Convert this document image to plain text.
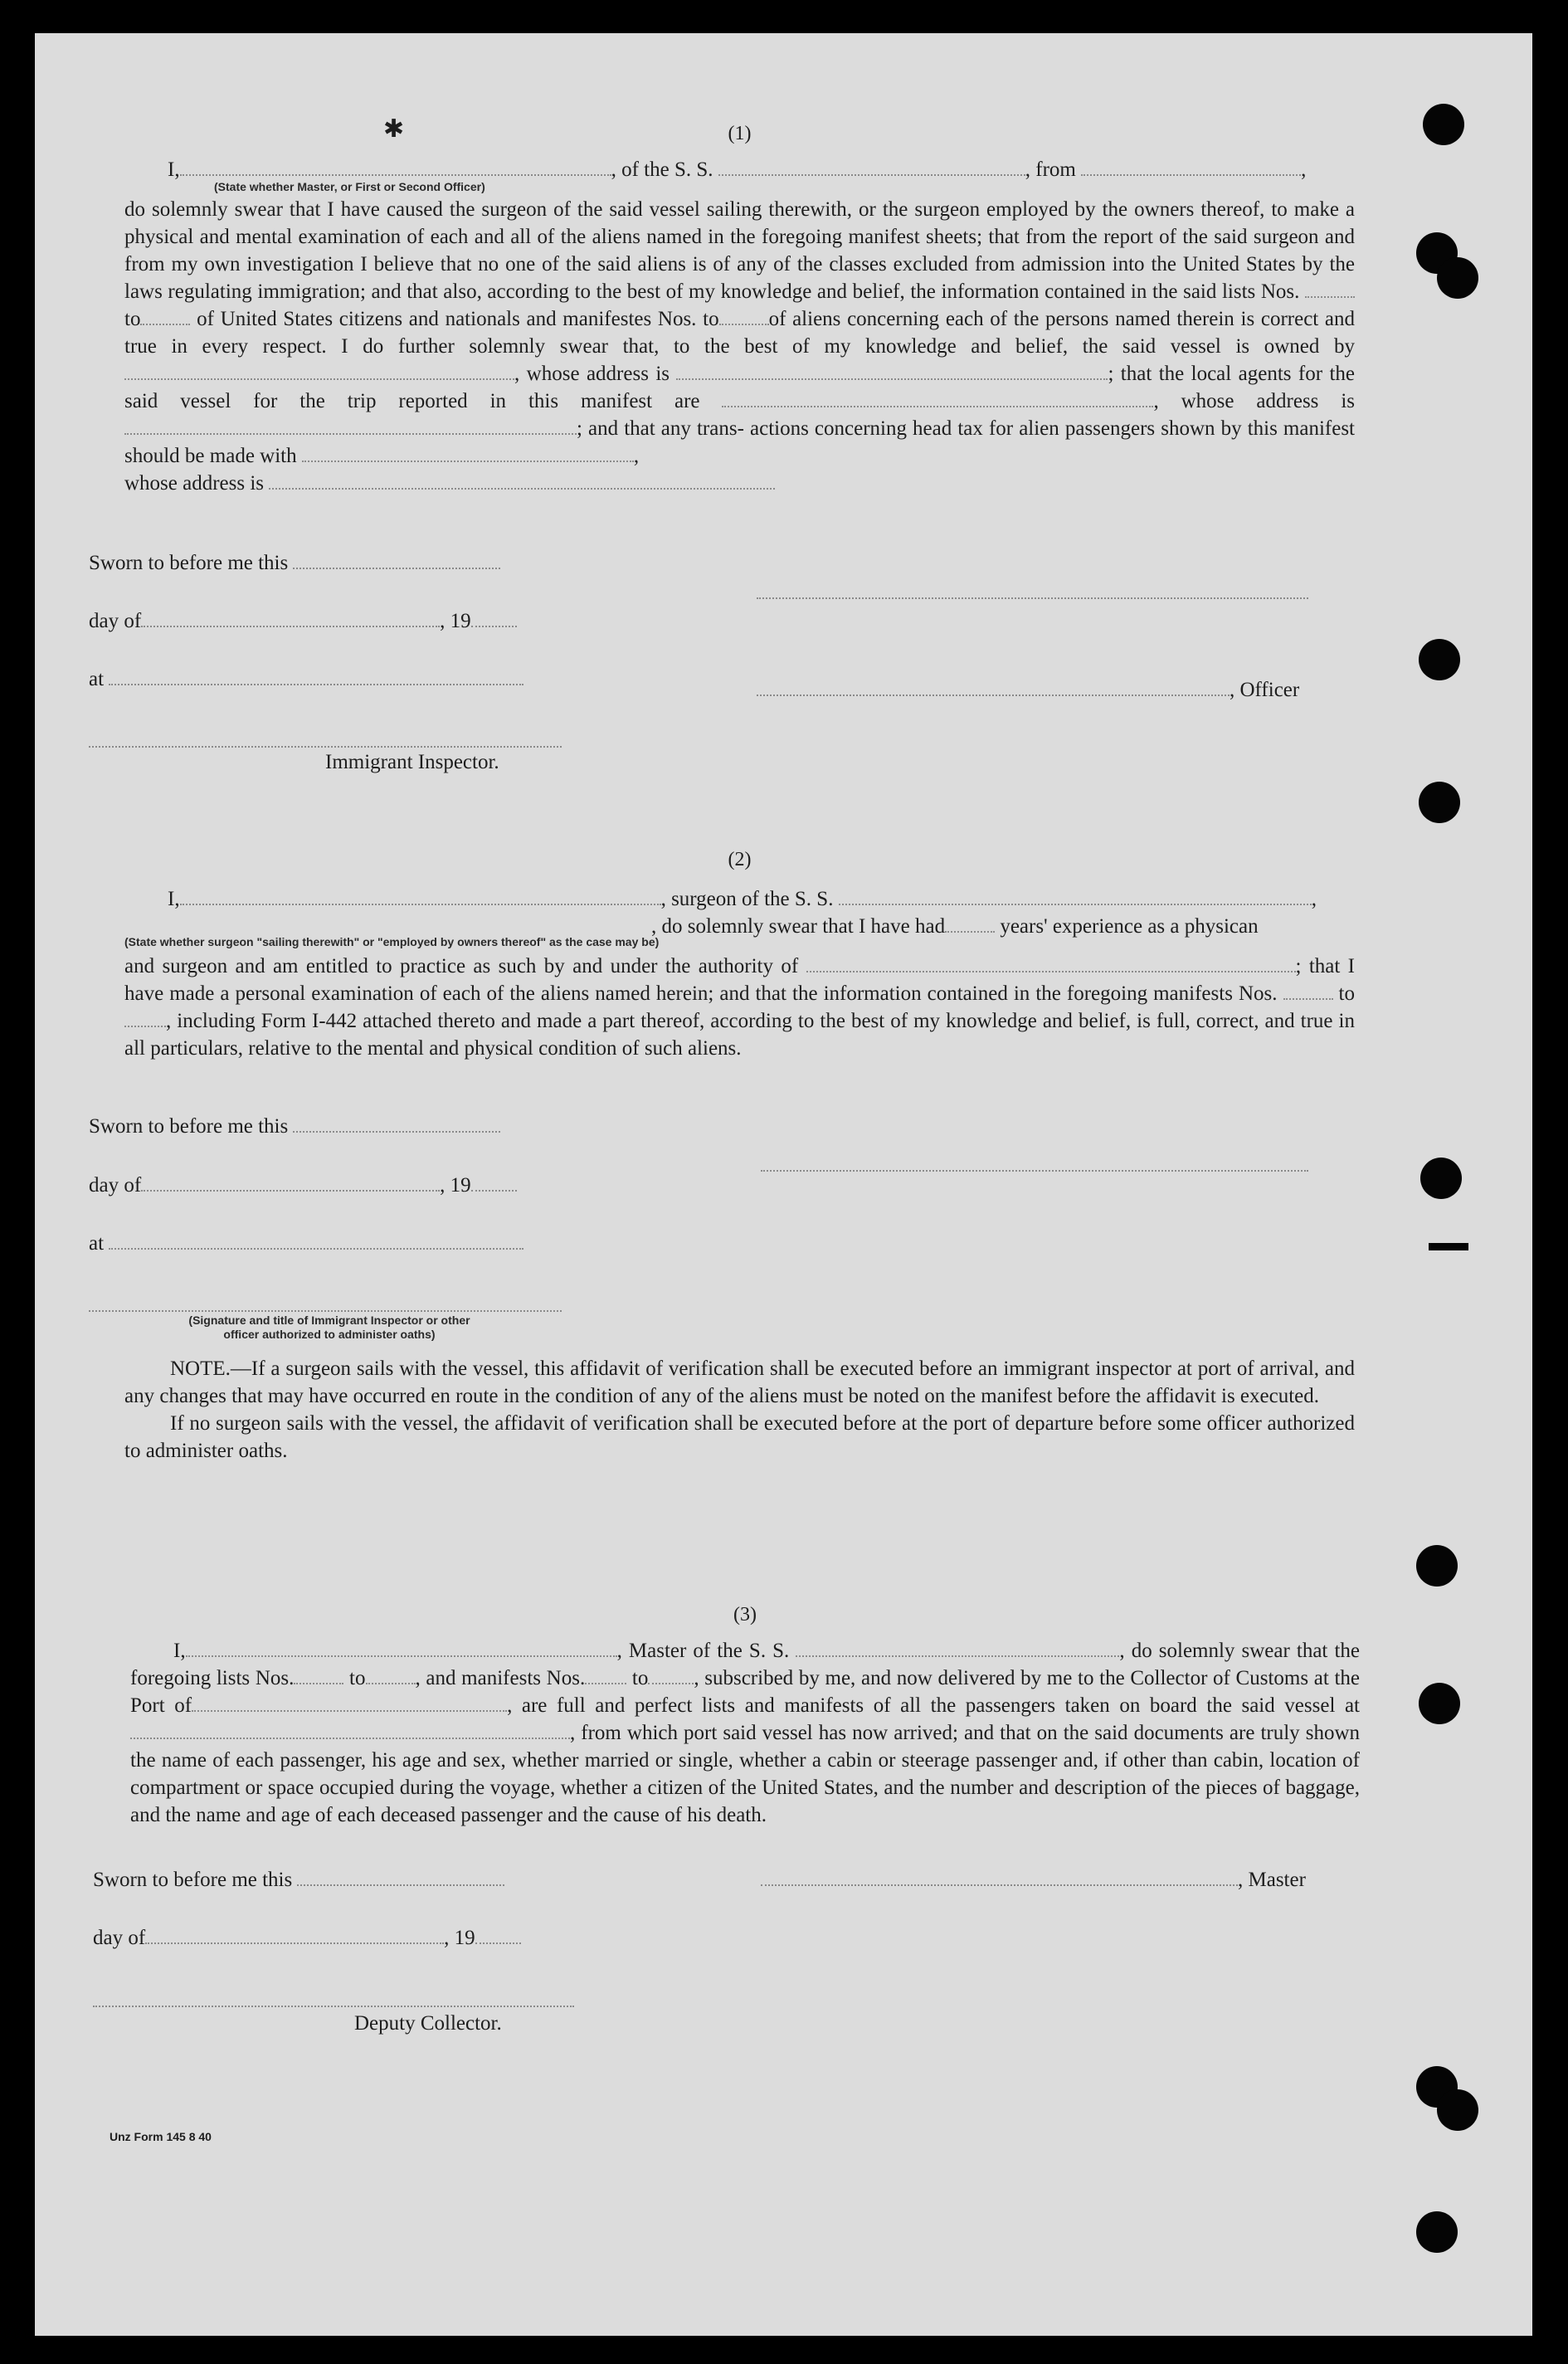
✱	(1)
I,	, of the S. S.	, from	,
(State whether Master, or First or Second Officer)

do solemnly swear that I have caused the surgeon of the said vessel sailing therewith, or the surgeon employed by the owners thereof, to make a physical and mental examination of each and all of the aliens named in the foregoing manifest sheets; that from the report of the said surgeon and from my own investigation I believe that no one of the said aliens is of any of the classes excluded from admission into the United States by the laws regulating immigration; and that also, according to the best of my knowledge and belief, the information contained in the said lists Nos.  to	of United States citizens and nationals and manifestes Nos. to of aliens concerning each of the persons named therein is correct and true in every respect. I do further solemnly swear that, to the best of my knowledge and belief, the said vessel is owned by , whose address is	; that the local agents for the said vessel for the trip reported in this manifest are	, whose address is ; and that any trans- actions concerning head tax for alien passengers shown by this manifest should be made with	,

whose address is

Sworn to before me this
day of	, 19
at	, Officer
Immigrant Inspector.
(2)
I,	, surgeon of the S. S.	,
, do solemnly swear that I have had	years' experience as a physican
(State whether surgeon "sailing therewith" or "employed by owners thereof" as the case may be)

and surgeon and am entitled to practice as such by and under the authority of	; that I have made a personal examination of each of the aliens named herein; and that the information contained in the foregoing manifests Nos.	to, including Form I-442 attached thereto and made a part thereof, according to the best of my knowledge and belief, is full, correct, and true in all particulars, relative to the mental and physical condition of such aliens.

Sworn to before me this
day of	, 19
at
(Signature and title of Immigrant Inspector or other
officer authorized to administer oaths)

NOTE.—If a surgeon sails with the vessel, this affidavit of verification shall be executed before an immigrant inspector at port of arrival, and any changes that may have occurred en route in the condition of any of the aliens must be noted on the manifest before the affidavit is executed.

If no surgeon sails with the vessel, the affidavit of verification shall be executed before at the port of departure before some officer authorized to administer oaths.

(3)

I,	, Master of the S. S.	, do solemnly swear that the foregoing lists Nos.	to , and manifests Nos. to , subscribed by me, and now delivered by me to the Collector of Customs at the Port of	, are full and perfect lists and manifests of all the passengers taken on board the said vessel at, from which port said vessel has now arrived; and that on the said documents are truly shown the name of each passenger, his age and sex, whether married or single, whether a cabin or steerage passenger and, if other than cabin, location of compartment or space occupied during the voyage, whether a citizen of the United States, and the number and description of the pieces of baggage, and the name and age of each deceased passenger and the cause of his death.

Sworn to before me this	, Master
day of	, 19
Deputy Collector.
Unz Form 145 8 40
